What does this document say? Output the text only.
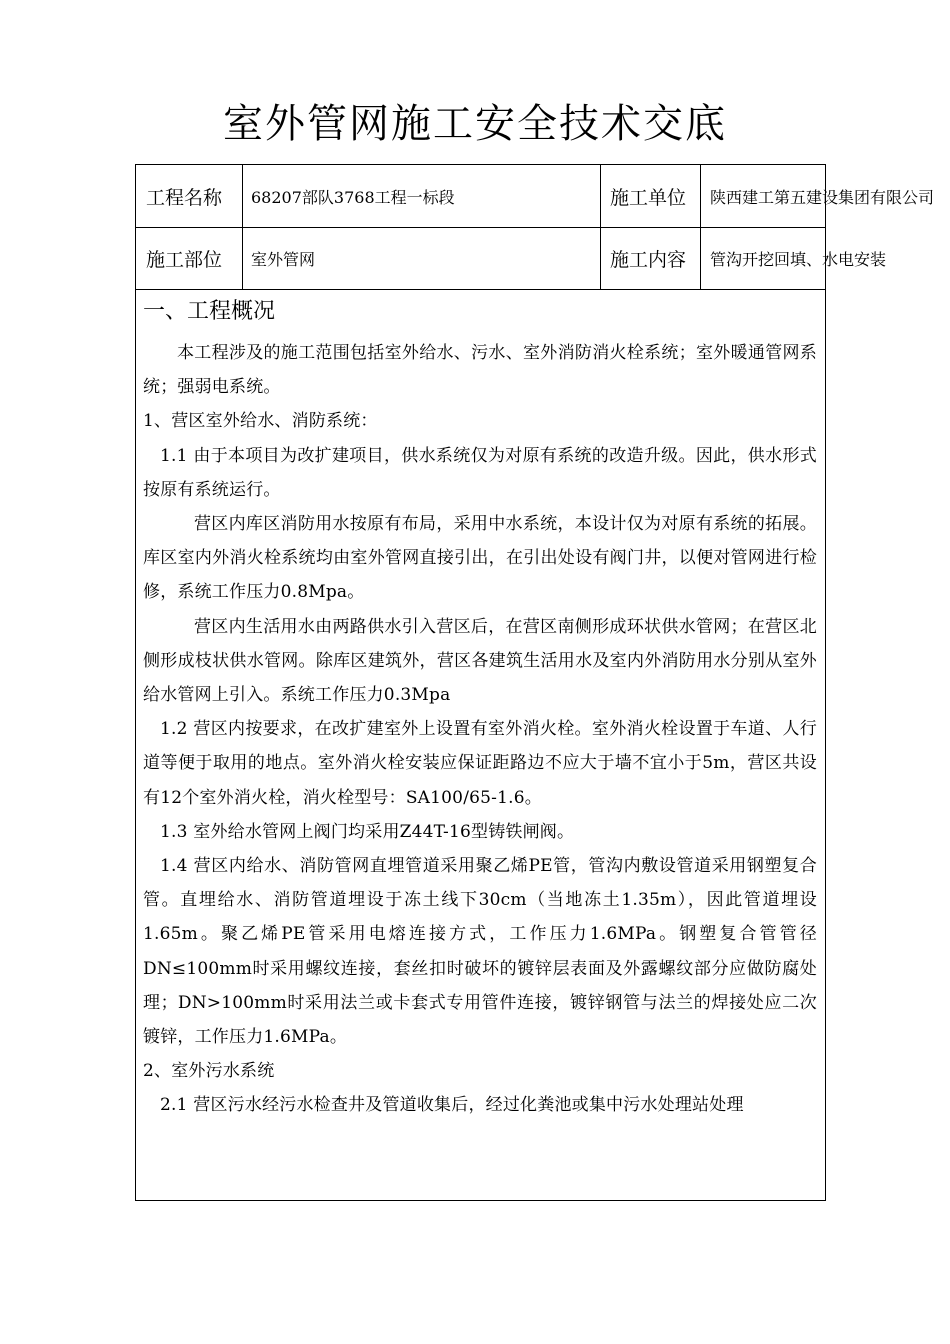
室外管网施工安全技术交底
工程名称	68207部队3768工程一标段	施工单位	陕西建工第五建设集团有限公司
施工部位	室外管网	施工内容	管沟开挖回填、水电安装
一、工程概况

本工程涉及的施工范围包括室外给水、污水、室外消防消火栓系统；室外暖通管网系统；强弱电系统。

1、营区室外给水、消防系统：

1.1 由于本项目为改扩建项目，供水系统仅为对原有系统的改造升级。因此，供水形式按原有系统运行。

营区内库区消防用水按原有布局，采用中水系统，本设计仅为对原有系统的拓展。库区室内外消火栓系统均由室外管网直接引出，在引出处设有阀门井，以便对管网进行检修，系统工作压力0.8Mpa。

营区内生活用水由两路供水引入营区后，在营区南侧形成环状供水管网；在营区北侧形成枝状供水管网。除库区建筑外，营区各建筑生活用水及室内外消防用水分别从室外给水管网上引入。系统工作压力0.3Mpa

1.2 营区内按要求，在改扩建室外上设置有室外消火栓。室外消火栓设置于车道、人行道等便于取用的地点。室外消火栓安装应保证距路边不应大于墙不宜小于5m，营区共设有12个室外消火栓，消火栓型号：SA100/65-1.6。

1.3 室外给水管网上阀门均采用Z44T-16型铸铁闸阀。

1.4 营区内给水、消防管网直埋管道采用聚乙烯PE管，管沟内敷设管道采用钢塑复合管。直埋给水、消防管道埋设于冻土线下30cm（当地冻土1.35m），因此管道埋设1.65m。聚乙烯PE管采用电熔连接方式，工作压力1.6MPa。钢塑复合管管径DN≤100mm时采用螺纹连接，套丝扣时破坏的镀锌层表面及外露螺纹部分应做防腐处理；DN>100mm时采用法兰或卡套式专用管件连接，镀锌钢管与法兰的焊接处应二次镀锌，工作压力1.6MPa。

2、室外污水系统

2.1 营区污水经污水检查井及管道收集后，经过化粪池或集中污水处理站处理
